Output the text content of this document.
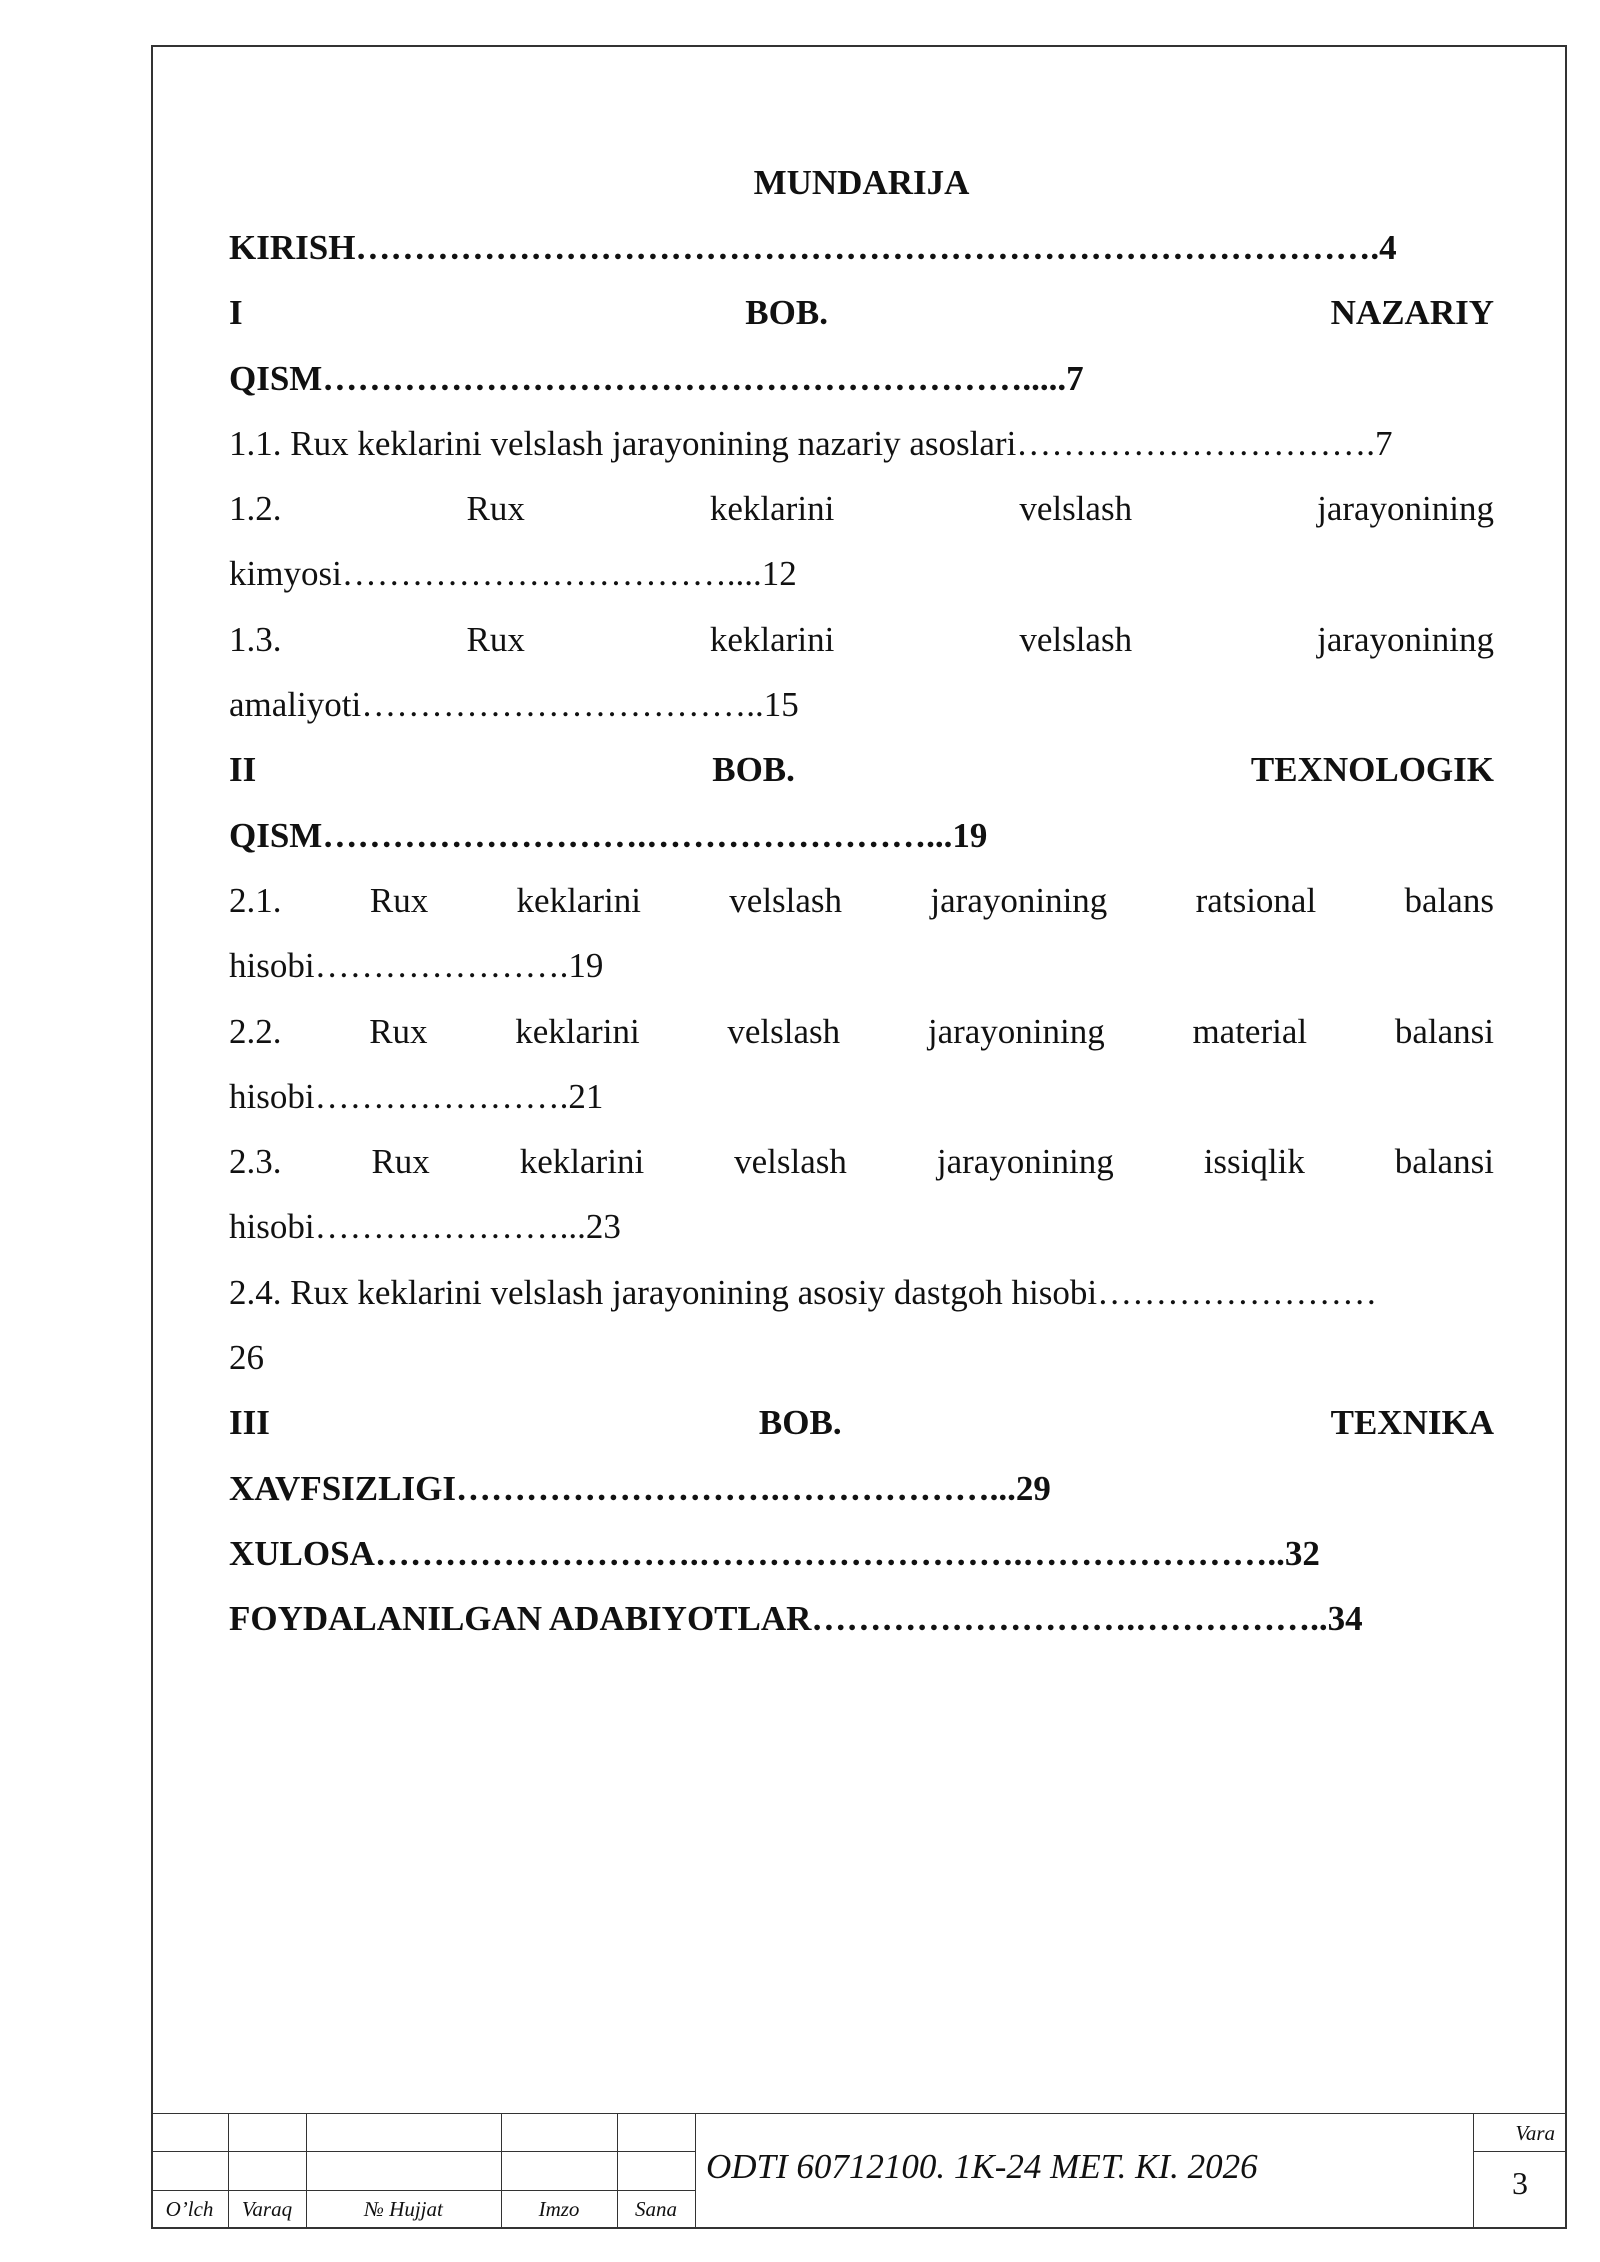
MUNDARIJA
KIRISH…………………………………………………………………………….4
I	BOB.	NAZARIY
QISM…………………………………………………….....7
1.1. Rux keklarini velslash jarayonining nazariy asoslari………………………….7
1.2.	Rux	keklarini	velslash	jarayonining
kimyosi……………………………....12
1.3.	Rux	keklarini	velslash	jarayonining
amaliyoti……………………………..15
II	BOB.	TEXNOLOGIK
QISM……………………….……………………...19
2.1.	Rux	keklarini	velslash	jarayonining	ratsional	balans
hisobi………………….19
2.2.	Rux	keklarini	velslash	jarayonining	material	balansi
hisobi………………….21
2.3.	Rux	keklarini	velslash	jarayonining	issiqlik	balansi
hisobi…………………...23
2.4. Rux keklarini velslash jarayonining asosiy dastgoh hisobi……………………
26
III	BOB.	TEXNIKA
XAVFSIZLIGI……………………….………………...29
XULOSA……………………….……………………….…………………..32
FOYDALANILGAN ADABIYOTLAR……………………….……………..34
O’lch	Varaq	№ Hujjat	Imzo	Sana
ODTI 60712100. 1K-24 MET. KI. 2026
Vara
3
